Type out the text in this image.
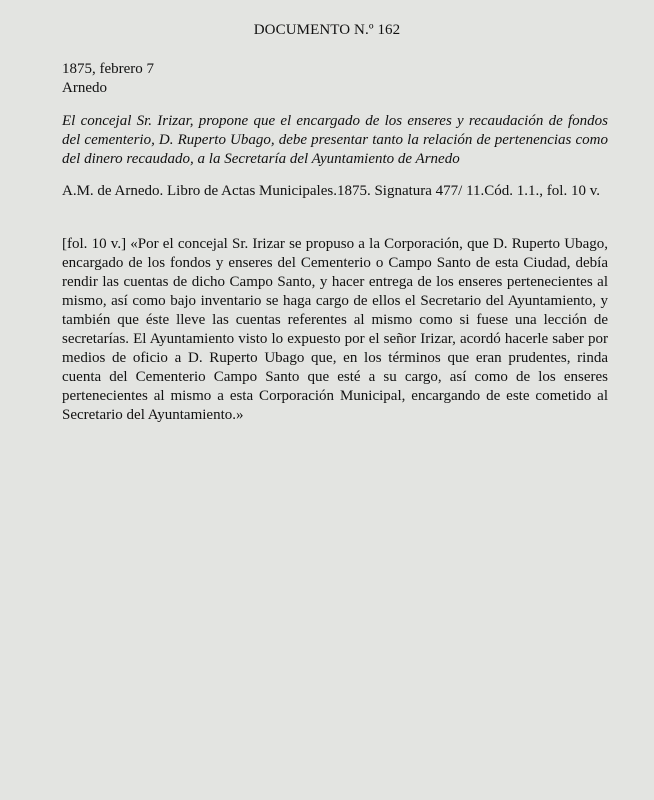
DOCUMENTO N.º 162
1875, febrero 7
Arnedo
El concejal Sr. Irizar, propone que el encargado de los enseres y recaudación de fondos del cementerio, D. Ruperto Ubago, debe presentar tanto la relación de pertenencias como del dinero recaudado, a la Secretaría del Ayuntamiento de Arnedo
A.M. de Arnedo. Libro de Actas Municipales.1875. Signatura 477/ 11.Cód. 1.1., fol. 10 v.
[fol. 10 v.] «Por el concejal Sr. Irizar se propuso a la Corporación, que D. Ruperto Ubago, encargado de los fondos y enseres del Cementerio o Campo Santo de esta Ciudad, debía rendir las cuentas de dicho Campo Santo, y hacer entrega de los enseres pertenecientes al mismo, así como bajo inventario se haga cargo de ellos el Secretario del Ayuntamiento, y también que éste lleve las cuentas referentes al mismo como si fuese una lección de secretarías. El Ayuntamiento visto lo expuesto por el señor Irizar, acordó hacerle saber por medios de oficio a D. Ruperto Ubago que, en los términos que eran prudentes, rinda cuenta del Cementerio Campo Santo que esté a su cargo, así como de los enseres pertenecientes al mismo a esta Corporación Municipal, encargando de este cometido al Secretario del Ayuntamiento.»
